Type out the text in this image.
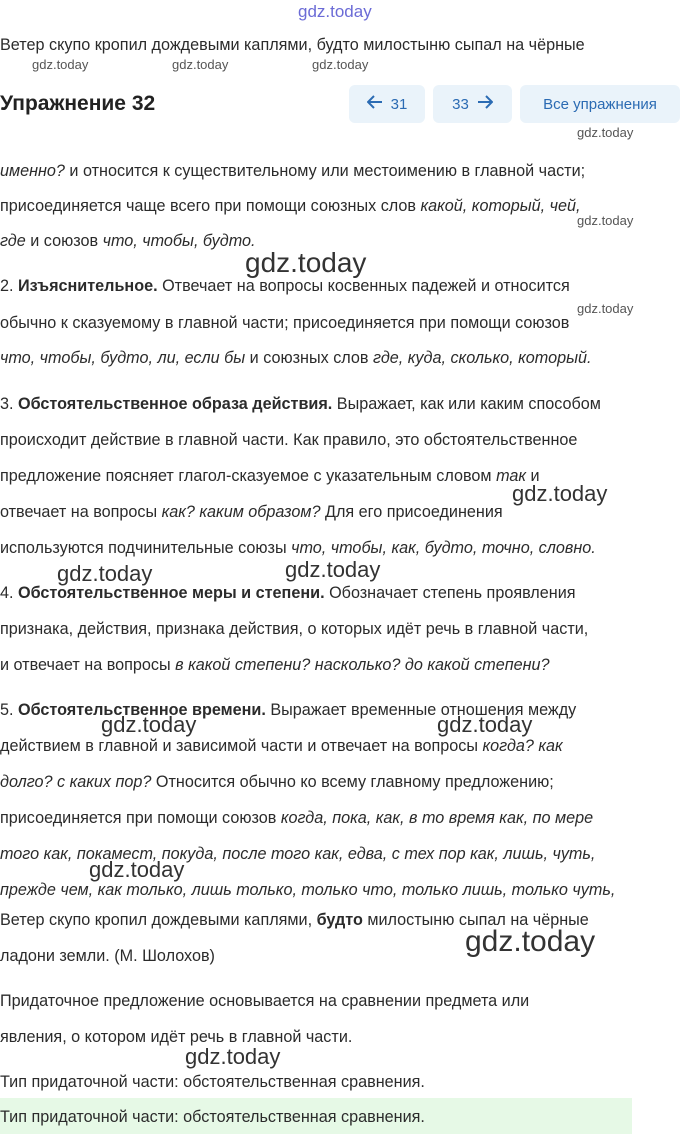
gdz.today
Ветер скупо кропил дождевыми каплями, будто милостыню сыпал на чёрные
gdz.today	gdz.today	gdz.today
Упражнение 32	31	33	Все упражнения
gdz.today
именно? и относится к существительному или местоимению в главной части;
присоединяется чаще всего при помощи союзных слов какой, который, чей,
gdz.today
где и союзов что, чтобы, будто.
gdz.today
2. Изъяснительное. Отвечает на вопросы косвенных падежей и относится
gdz.today
обычно к сказуемому в главной части; присоединяется при помощи союзов
что, чтобы, будто, ли, если бы и союзных слов где, куда, сколько, который.
3. Обстоятельственное образа действия. Выражает, как или каким способом
происходит действие в главной части. Как правило, это обстоятельственное
предложение поясняет глагол-сказуемое с указательным словом так и
gdz.today
отвечает на вопросы как? каким образом? Для его присоединения
используются подчинительные союзы что, чтобы, как, будто, точно, словно.
gdz.today	gdz.today
4. Обстоятельственное меры и степени. Обозначает степень проявления
признака, действия, признака действия, о которых идёт речь в главной части,
и отвечает на вопросы в какой степени? насколько? до какой степени?
5. Обстоятельственное времени. Выражает временные отношения между
gdz.today	gdz.today
действием в главной и зависимой части и отвечает на вопросы когда? как
долго? с каких пор? Относится обычно ко всему главному предложению;
присоединяется при помощи союзов когда, пока, как, в то время как, по мере
того как, покамест, покуда, после того как, едва, с тех пор как, лишь, чуть,
gdz.today
прежде чем, как только, лишь только, только что, только лишь, только чуть,
Ветер скупо кропил дождевыми каплями, будто милостыню сыпал на чёрные
gdz.today
ладони земли. (М. Шолохов)
Придаточное предложение основывается на сравнении предмета или
явления, о котором идёт речь в главной части.
gdz.today
Тип придаточной части: обстоятельственная сравнения.
Тип придаточной части: обстоятельственная сравнения.
